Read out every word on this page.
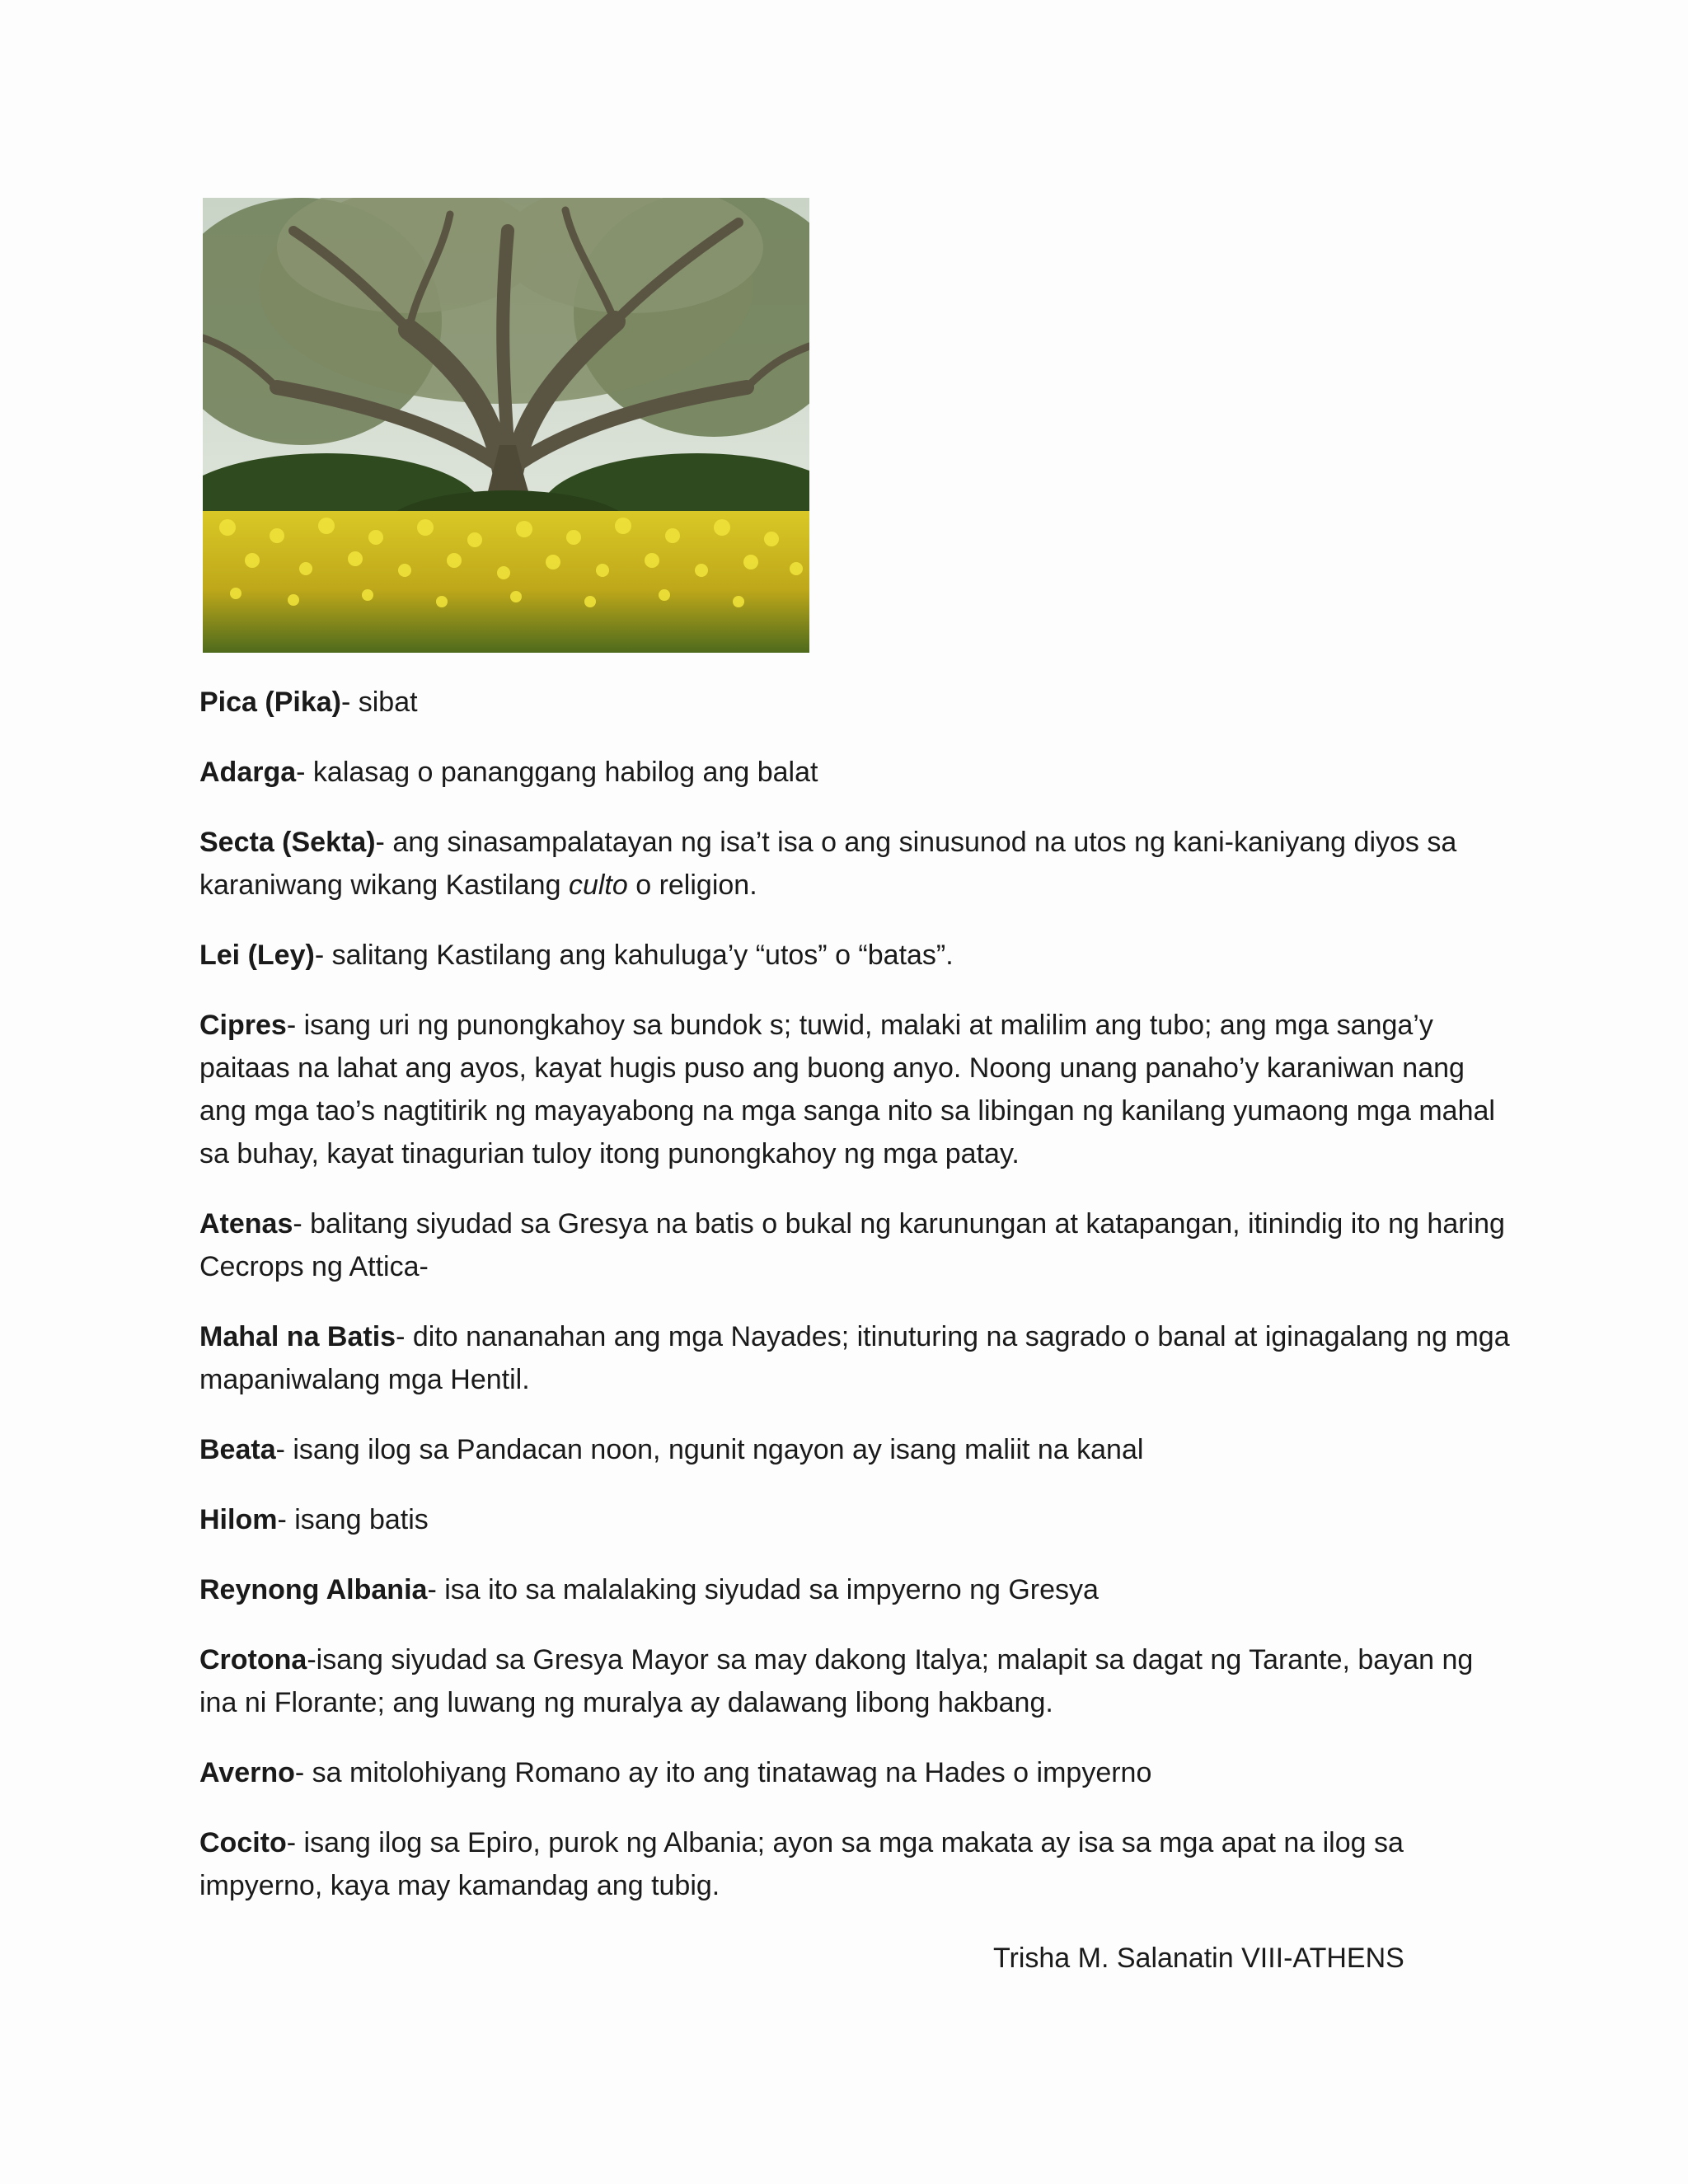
Pica (Pika)- sibat

Adarga- kalasag o pananggang habilog ang balat

Secta (Sekta)- ang sinasampalatayan ng isa’t isa o ang sinusunod na utos ng kani-kaniyang diyos sa karaniwang wikang Kastilang culto o religion.

Lei (Ley)- salitang Kastilang ang kahuluga’y “utos” o “batas”.

Cipres- isang uri ng punongkahoy sa bundok s; tuwid, malaki at malilim ang tubo; ang mga sanga’y paitaas na lahat ang ayos, kayat hugis puso ang buong anyo. Noong unang panaho’y karaniwan nang ang mga tao’s nagtitirik ng mayayabong na mga sanga nito sa libingan ng kanilang yumaong mga mahal sa buhay, kayat tinagurian tuloy itong punongkahoy ng mga patay.

Atenas- balitang siyudad sa Gresya na batis o bukal ng karunungan at katapangan, itinindig ito ng haring Cecrops ng Attica-

Mahal na Batis- dito nananahan ang mga Nayades; itinuturing na sagrado o banal at iginagalang ng mga mapaniwalang mga Hentil.

Beata- isang ilog sa Pandacan noon, ngunit ngayon ay isang maliit na kanal

Hilom- isang batis

Reynong Albania- isa ito sa malalaking siyudad sa impyerno ng Gresya

Crotona-isang siyudad sa Gresya Mayor sa may dakong Italya; malapit sa dagat ng Tarante, bayan ng ina ni Florante; ang luwang ng muralya ay dalawang libong hakbang.

Averno- sa mitolohiyang Romano ay ito ang tinatawag na Hades o impyerno

Cocito- isang ilog sa Epiro, purok ng Albania; ayon sa mga makata ay isa sa mga apat na ilog sa impyerno, kaya may kamandag ang tubig.

Trisha M. Salanatin VIII-ATHENS
